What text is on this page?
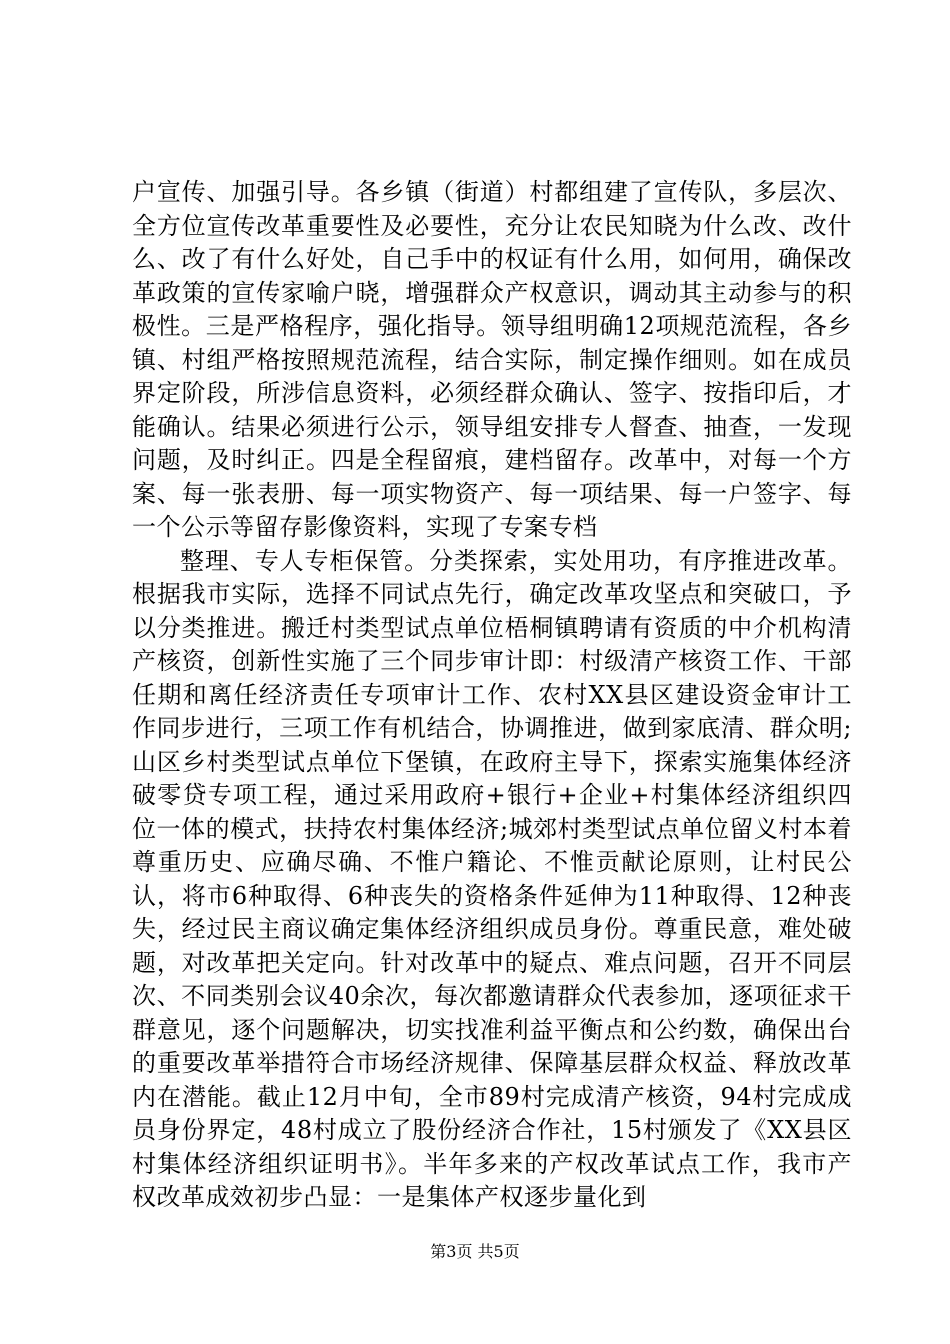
户宣传、加强引导。各乡镇（街道）村都组建了宣传队，多层次、全方位宣传改革重要性及必要性，充分让农民知晓为什么改、改什么、改了有什么好处，自己手中的权证有什么用，如何用，确保改革政策的宣传家喻户晓，增强群众产权意识，调动其主动参与的积极性。三是严格程序，强化指导。领导组明确12项规范流程，各乡镇、村组严格按照规范流程，结合实际，制定操作细则。如在成员界定阶段，所涉信息资料，必须经群众确认、签字、按指印后，才能确认。结果必须进行公示，领导组安排专人督查、抽查，一发现问题，及时纠正。四是全程留痕，建档留存。改革中，对每一个方案、每一张表册、每一项实物资产、每一项结果、每一户签字、每一个公示等留存影像资料，实现了专案专档

整理、专人专柜保管。分类探索，实处用功，有序推进改革。根据我市实际，选择不同试点先行，确定改革攻坚点和突破口，予以分类推进。搬迁村类型试点单位梧桐镇聘请有资质的中介机构清产核资，创新性实施了三个同步审计即：村级清产核资工作、干部任期和离任经济责任专项审计工作、农村XX县区建设资金审计工作同步进行，三项工作有机结合，协调推进，做到家底清、群众明;山区乡村类型试点单位下堡镇，在政府主导下，探索实施集体经济破零贷专项工程，通过采用政府+银行+企业+村集体经济组织四位一体的模式，扶持农村集体经济;城郊村类型试点单位留义村本着尊重历史、应确尽确、不惟户籍论、不惟贡献论原则，让村民公认，将市6种取得、6种丧失的资格条件延伸为11种取得、12种丧失，经过民主商议确定集体经济组织成员身份。尊重民意，难处破题，对改革把关定向。针对改革中的疑点、难点问题，召开不同层次、不同类别会议40余次，每次都邀请群众代表参加，逐项征求干群意见，逐个问题解决，切实找准利益平衡点和公约数，确保出台的重要改革举措符合市场经济规律、保障基层群众权益、释放改革内在潜能。截止12月中旬，全市89村完成清产核资，94村完成成员身份界定，48村成立了股份经济合作社，15村颁发了《XX县区村集体经济组织证明书》。半年多来的产权改革试点工作，我市产权改革成效初步凸显：一是集体产权逐步量化到

第3页 共5页
